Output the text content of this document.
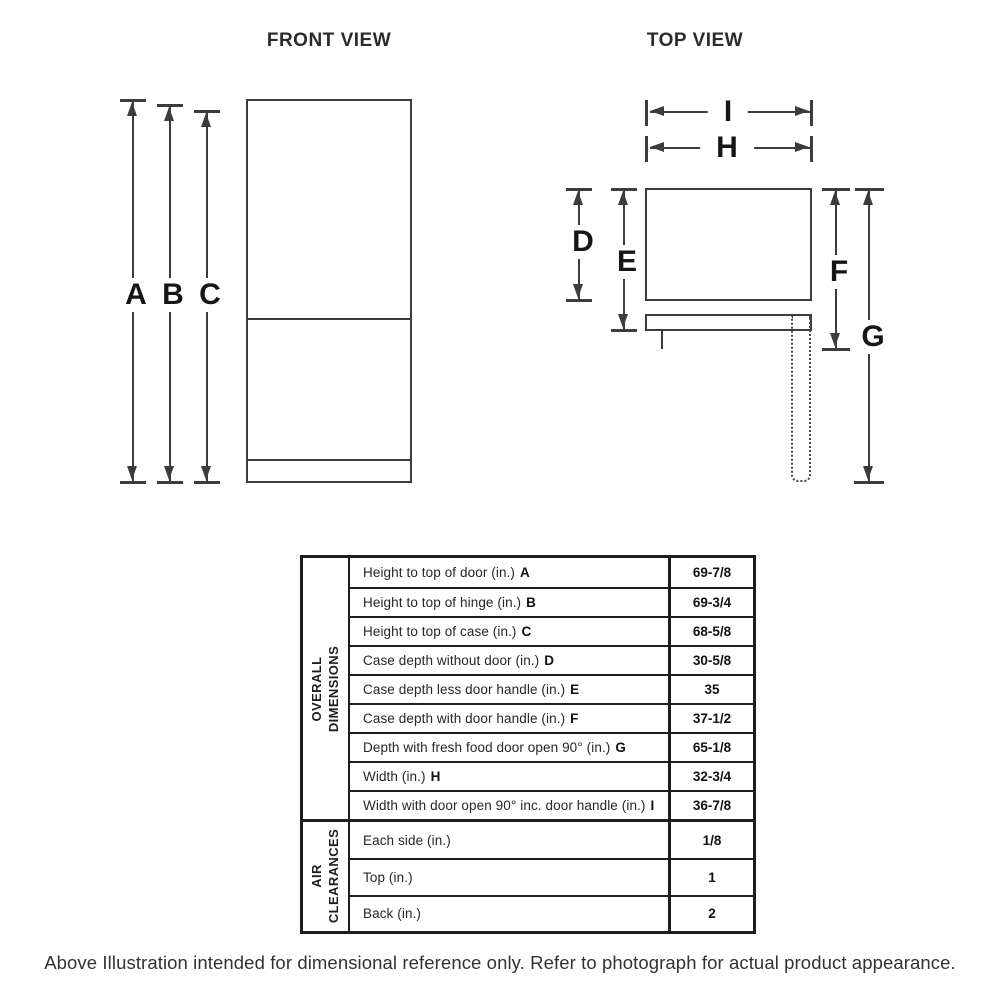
FRONT VIEW	TOP VIEW
A B C
I
H
D
E	F
G
OVERALL DIMENSIONS
Height to top of door (in.) A	69-7/8
Height to top of hinge (in.) B	69-3/4
Height to top of case (in.) C	68-5/8
Case depth without door (in.) D	30-5/8
Case depth less door handle (in.) E	35
Case depth with door handle (in.) F	37-1/2
Depth with fresh food door open 90° (in.) G	65-1/8
Width (in.) H	32-3/4
Width with door open 90° inc. door handle (in.) I	36-7/8
AIR CLEARANCES Each side (in.)	1/8
Top (in.)	1
Back (in.)	2
Above Illustration intended for dimensional reference only. Refer to photograph for actual product appearance.
